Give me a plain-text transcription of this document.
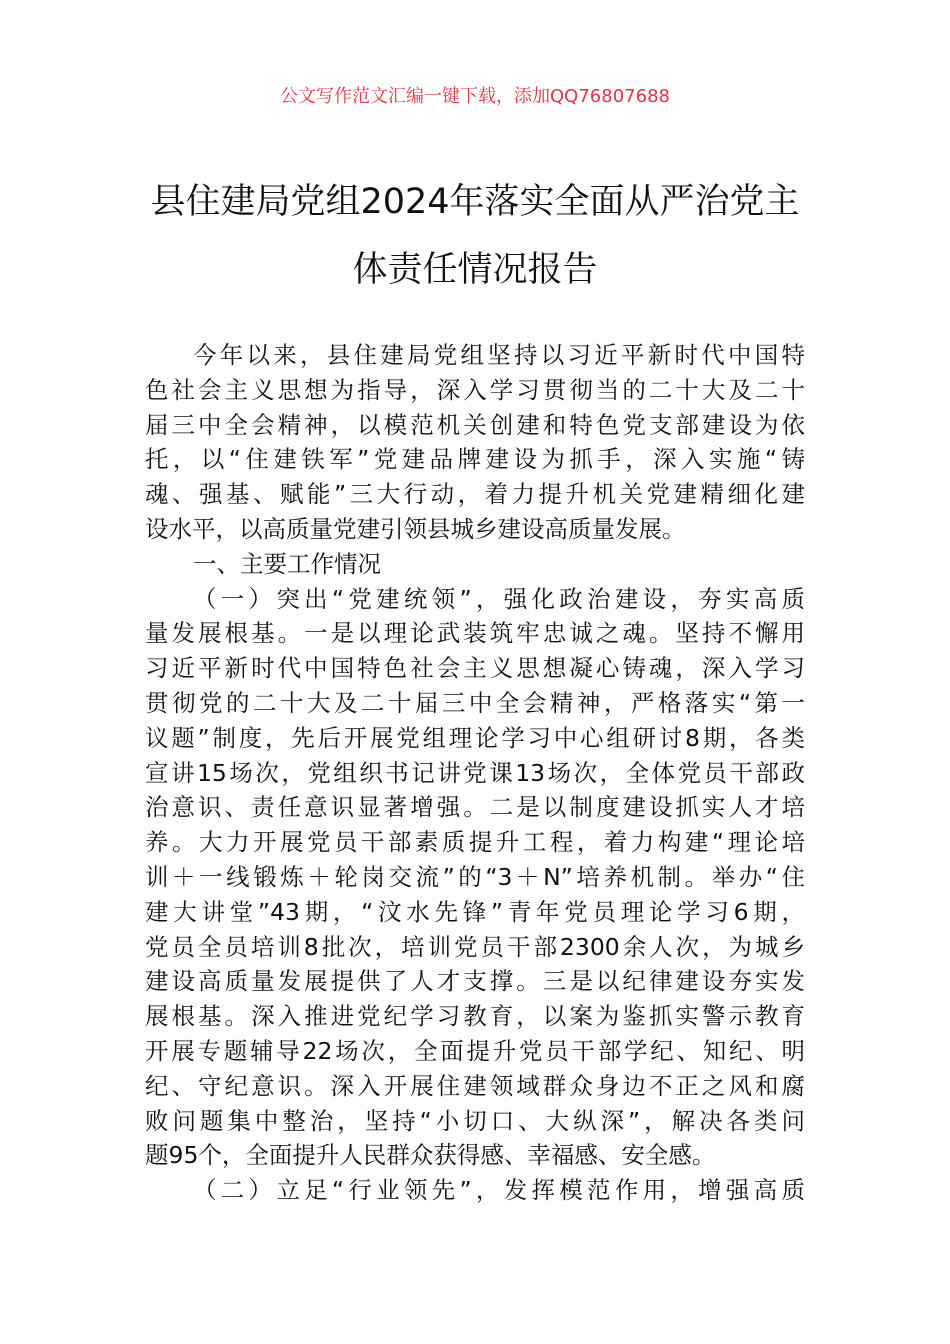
公文写作范文汇编一键下载，添加QQ76807688
县住建局党组2024年落实全面从严治党主
体责任情况报告
今年以来，县住建局党组坚持以习近平新时代中国特
色社会主义思想为指导，深入学习贯彻当的二十大及二十
届三中全会精神，以模范机关创建和特色党支部建设为依
托，以“住建铁军”党建品牌建设为抓手，深入实施“铸
魂、强基、赋能”三大行动，着力提升机关党建精细化建
设水平，以高质量党建引领县城乡建设高质量发展。
一、主要工作情况
（一）突出“党建统领”，强化政治建设，夯实高质
量发展根基。一是以理论武装筑牢忠诚之魂。坚持不懈用
习近平新时代中国特色社会主义思想凝心铸魂，深入学习
贯彻党的二十大及二十届三中全会精神，严格落实“第一
议题”制度，先后开展党组理论学习中心组研讨8期，各类
宣讲15场次，党组织书记讲党课13场次，全体党员干部政
治意识、责任意识显著增强。二是以制度建设抓实人才培
养。大力开展党员干部素质提升工程，着力构建“理论培
训＋一线锻炼＋轮岗交流”的“3＋N”培养机制。举办“住
建大讲堂”43期，“汶水先锋”青年党员理论学习6期，
党员全员培训8批次，培训党员干部2300余人次，为城乡
建设高质量发展提供了人才支撑。三是以纪律建设夯实发
展根基。深入推进党纪学习教育，以案为鉴抓实警示教育
开展专题辅导22场次，全面提升党员干部学纪、知纪、明
纪、守纪意识。深入开展住建领域群众身边不正之风和腐
败问题集中整治，坚持“小切口、大纵深”，解决各类问
题95个，全面提升人民群众获得感、幸福感、安全感。
（二）立足“行业领先”，发挥模范作用，增强高质
